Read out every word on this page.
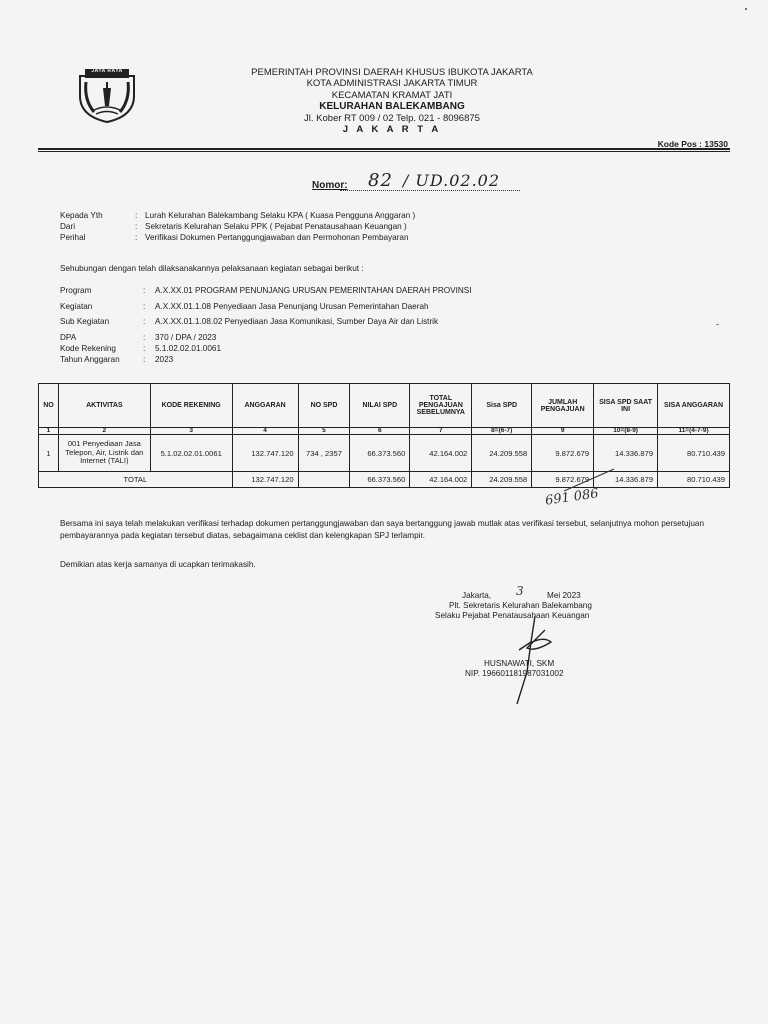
JAYA RAYA	PEMERINTAH PROVINSI DAERAH KHUSUS IBUKOTA JAKARTA
KOTA ADMINISTRASI JAKARTA TIMUR
KECAMATAN KRAMAT JATI
KELURAHAN BALEKAMBANG
Jl. Kober RT 009 / 02 Telp. 021 - 8096875
J A K A R T A
Kode Pos : 13530
Nomor: 82 / UD.02.02
Kepada Yth	: Lurah Kelurahan Balekambang Selaku KPA ( Kuasa Pengguna Anggaran )
Dari	: Sekretaris Kelurahan Selaku PPK ( Pejabat Penatausahaan Keuangan )
Perihal	: Verifikasi Dokumen Pertanggungjawaban dan Permohonan Pembayaran
Sehubungan dengan telah dilaksanakannya pelaksanaan kegiatan sebagai berikut :
Program	:	A.X.XX.01 PROGRAM PENUNJANG URUSAN PEMERINTAHAN DAERAH PROVINSI
Kegiatan	:	A.X.XX.01.1.08 Penyediaan Jasa Penunjang Urusan Pemerintahan Daerah
Sub Kegiatan	:	A.X.XX.01.1.08.02 Penyediaan Jasa Komunikasi, Sumber Daya Air dan Listrik
DPA	:	370 / DPA / 2023
Kode Rekening	:	5.1.02.02.01.0061
Tahun Anggaran	:	2023
NO	AKTIVITAS	KODE REKENING	ANGGARAN	NO SPD	NILAI SPD	TOTAL PENGAJUAN SEBELUMNYA	Sisa SPD	JUMLAH PENGAJUAN	SISA SPD SAAT INI	SISA ANGGARAN
1	2	3	4	5	6	7	8=(6-7)	9	10=(8-9)	11=(4-7-9)
1	001 Penyediaan Jasa Telepon, Air, Listrik dan Internet (TALI)	5.1.02.02.01.0061	132.747.120	734 , 2357	66.373.560	42.164.002	24.209.558	9.872.679	14.336.879	80.710.439
TOTAL			132.747.120		66.373.560	42.164.002	24.209.558	9.872.679	14.336.879	80.710.439
691 086
Bersama ini saya telah melakukan verifikasi terhadap dokumen pertanggungjawaban dan saya bertanggung jawab mutlak atas verifikasi tersebut, selanjutnya mohon persetujuan pembayarannya pada kegiatan tersebut diatas, sebagaimana ceklist dan kelengkapan SPJ terlampir.
Demikian atas kerja samanya di ucapkan terimakasih.
Jakarta, 3	Mei 2023
Plt. Sekretaris Kelurahan Balekambang
Selaku Pejabat Penatausahaan Keuangan
HUSNAWATI, SKM
NIP. 196601181987031002
